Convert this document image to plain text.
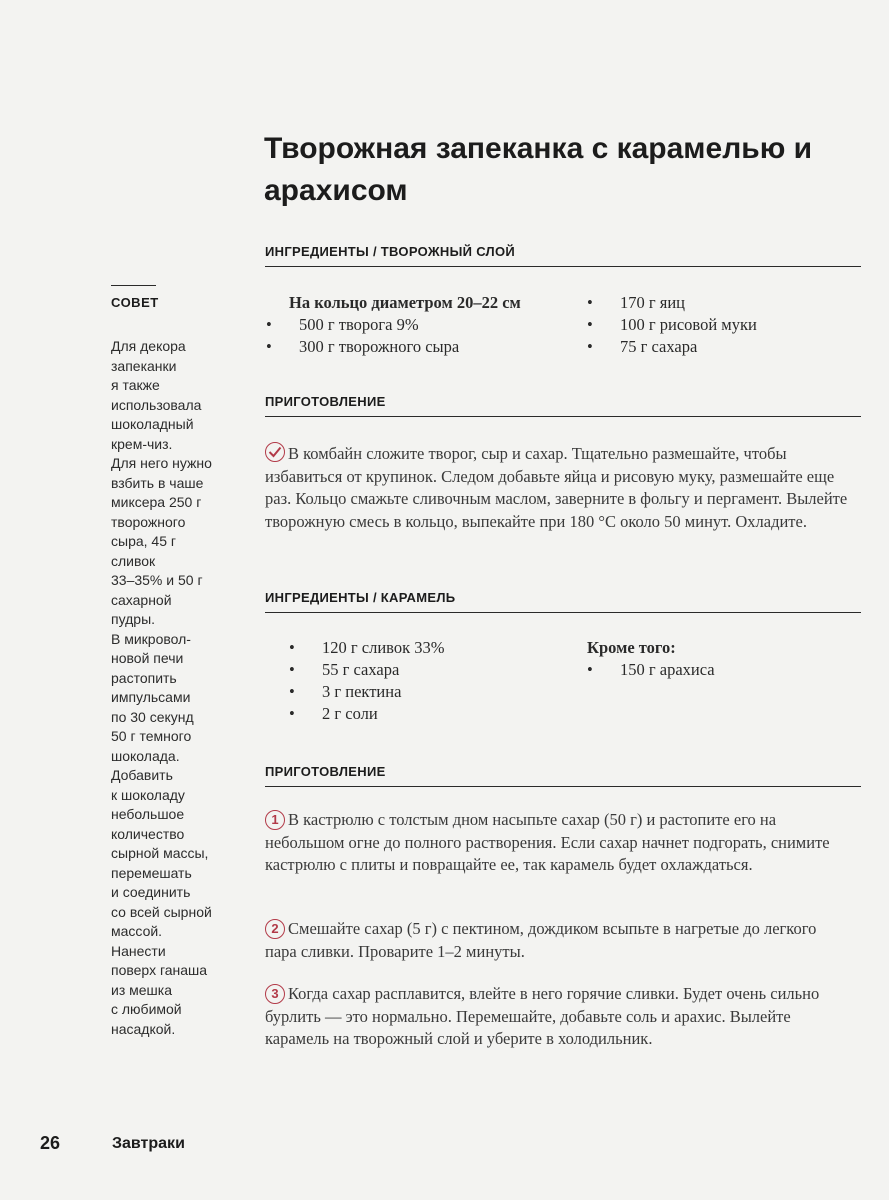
Творожная запеканка с карамелью и арахисом
ИНГРЕДИЕНТЫ / ТВОРОЖНЫЙ СЛОЙ
На кольцо диаметром 20–22 см
• 500 г творога 9%
• 300 г творожного сыра
• 170 г яиц
• 100 г рисовой муки
• 75 г сахара
ПРИГОТОВЛЕНИЕ

В комбайн сложите творог, сыр и сахар. Тщательно размешайте, чтобы избавиться от крупинок. Следом добавьте яйца и рисовую муку, размешайте еще раз. Кольцо смажьте сливочным маслом, заверните в фольгу и пергамент. Вылейте творожную смесь в кольцо, выпекайте при 180 °С около 50 минут. Охладите.

ИНГРЕДИЕНТЫ / КАРАМЕЛЬ
• 120 г сливок 33%
• 55 г сахара
• 3 г пектина
• 2 г соли
Кроме того:
• 150 г арахиса
ПРИГОТОВЛЕНИЕ

1 В кастрюлю с толстым дном насыпьте сахар (50 г) и растопите его на небольшом огне до полного растворения. Если сахар начнет подгорать, снимите кастрюлю с плиты и повращайте ее, так карамель будет охлаждаться.

2 Смешайте сахар (5 г) с пектином, дождиком всыпьте в нагретые до легкого пара сливки. Проварите 1–2 минуты.

3 Когда сахар расплавится, влейте в него горячие сливки. Будет очень сильно бурлить — это нормально. Перемешайте, добавьте соль и арахис. Вылейте карамель на творожный слой и уберите в холодильник.

СОВЕТ

Для декора
запеканки
я также
использовала
шоколадный
крем-чиз.
Для него нужно
взбить в чаше
миксера 250 г
творожного
сыра, 45 г
сливок
33–35% и 50 г
сахарной
пудры.
В микровол-
новой печи
растопить
импульсами
по 30 секунд
50 г темного
шоколада.
Добавить
к шоколаду
небольшое
количество
сырной массы,
перемешать
и соединить
со всей сырной
массой.
Нанести
поверх ганаша
из мешка
с любимой
насадкой.

26	Завтраки
